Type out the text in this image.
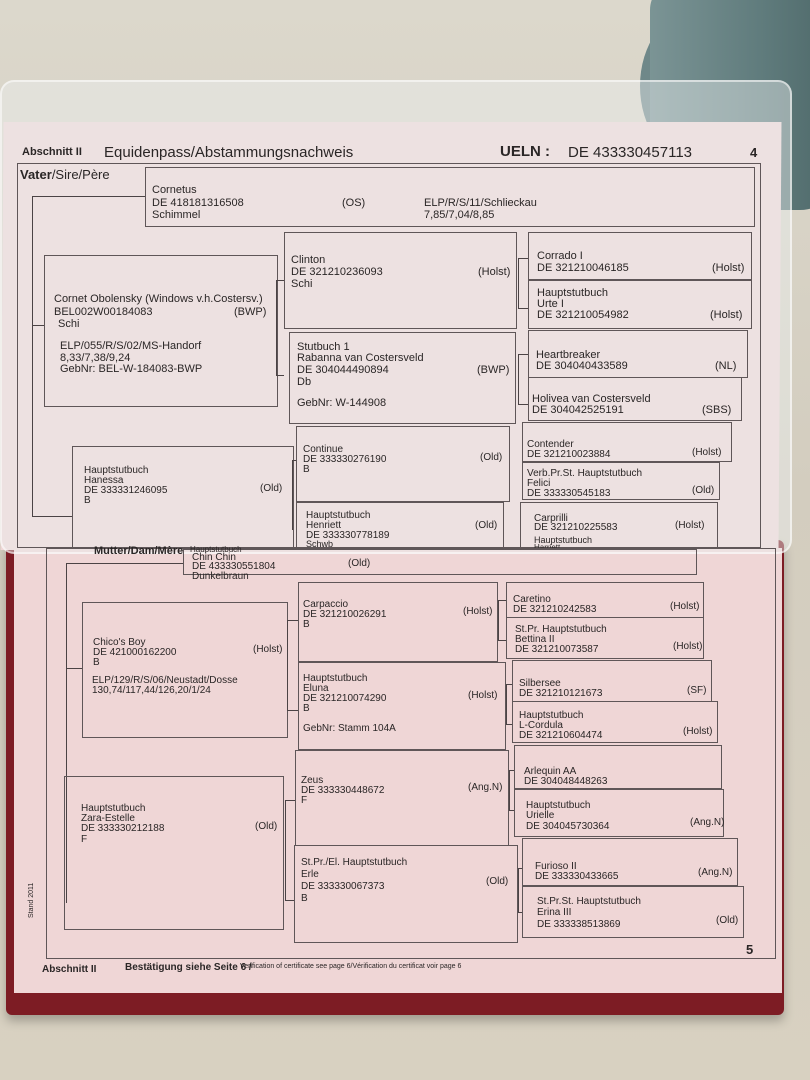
Abschnitt II Equidenpass/Abstammungsnachweis	UELN : DE 433330457113	4
Vater/Sire/Père
Cornetus
DE 418181316508	(OS)
Schimmel
ELP/R/S/11/Schlieckau
7,85/7,04/8,85
Cornet Obolensky (Windows v.h.Costersv.)
BEL002W00184083	(BWP)
Schi
ELP/055/R/S/02/MS-Handorf
8,33/7,38/9,24
GebNr: BEL-W-184083-BWP
Clinton
DE 321210236093	(Holst)
Schi
Corrado I
DE 321210046185	(Holst)
Hauptstutbuch
Urte I
DE 321210054982	(Holst)
Stutbuch 1
Rabanna van Costersveld
DE 304044490894	(BWP)
Db
GebNr: W-144908
Heartbreaker
DE 304040433589	(NL)
Holivea van Costersveld
DE 304042525191	(SBS)
Hauptstutbuch
Hanessa
DE 333331246095	(Old)
B
Continue
DE 333330276190	(Old)
B
Contender
DE 321210023884	(Holst)
Verb.Pr.St. Hauptstutbuch
Felici
DE 333330545183	(Old)
Hauptstutbuch
Henriett
DE 333330778189
(Old)
Schwb
Carprilli
DE 321210225583	(Holst)
Hauptstutbuch
Harriett
Mutter/Dam/Mère Hauptstutbuch
Chin Chin
DE 433330551804	(Old)
Dunkelbraun
Chico's Boy
DE 421000162200	(Holst)
B
ELP/129/R/S/06/Neustadt/Dosse
130,74/117,44/126,20/1/24
Carpaccio
DE 321210026291	(Holst)
B
Caretino
DE 321210242583	(Holst)
St.Pr. Hauptstutbuch
Bettina II
DE 321210073587	(Holst)
Hauptstutbuch
Eluna
DE 321210074290	(Holst)
B
GebNr: Stamm 104A
Silbersee
DE 321210121673	(SF)
Hauptstutbuch
L-Cordula
DE 321210604474	(Holst)
Hauptstutbuch
Zara-Estelle
DE 333330212188	(Old)
F
Zeus
DE 333330448672	(Ang.N)
F
Arlequin AA
DE 304048448263
Hauptstutbuch
Urielle
DE 304045730364	(Ang.N)
St.Pr./El. Hauptstutbuch
Erle
DE 333330067373	(Old)
B
Furioso II
DE 333330433665	(Ang.N)
St.Pr.St. Hauptstutbuch
Erina III
DE 333338513869	(Old)
Stand 2011
Abschnitt II	Bestätigung siehe Seite 6 /
Verification of certificate see page 6/Vérification du certificat voir page 6
5
